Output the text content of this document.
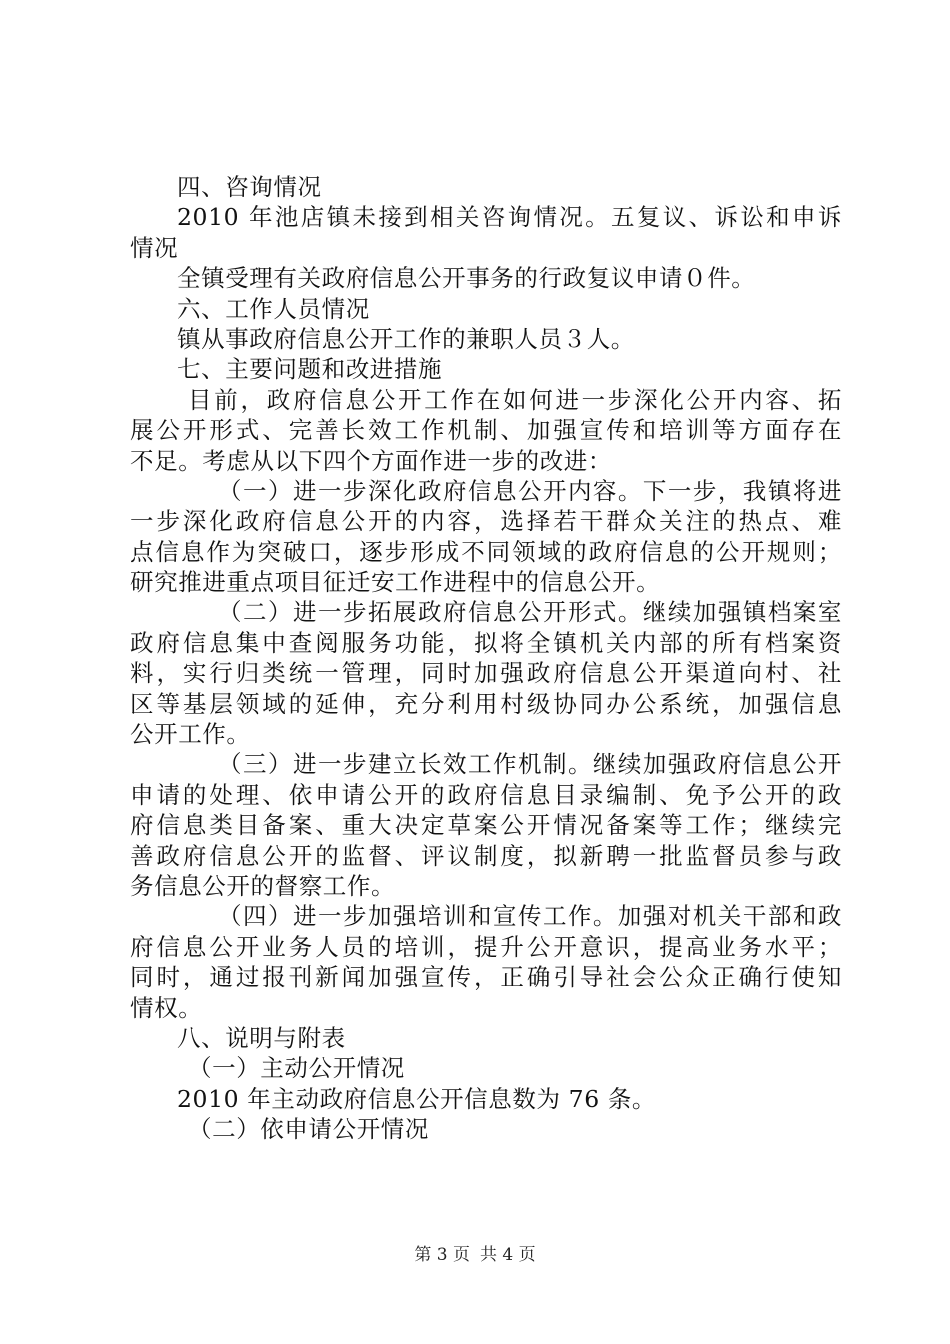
四、咨询情况
2010 年池店镇未接到相关咨询情况。五复议、诉讼和申诉
情况
全镇受理有关政府信息公开事务的行政复议申请０件。
六、工作人员情况
镇从事政府信息公开工作的兼职人员３人。
七、主要问题和改进措施
目前，政府信息公开工作在如何进一步深化公开内容、拓
展公开形式、完善长效工作机制、加强宣传和培训等方面存在
不足。考虑从以下四个方面作进一步的改进：
（一）进一步深化政府信息公开内容。下一步，我镇将进
一步深化政府信息公开的内容，选择若干群众关注的热点、难
点信息作为突破口，逐步形成不同领域的政府信息的公开规则；
研究推进重点项目征迁安工作进程中的信息公开。
（二）进一步拓展政府信息公开形式。继续加强镇档案室
政府信息集中查阅服务功能，拟将全镇机关内部的所有档案资
料，实行归类统一管理，同时加强政府信息公开渠道向村、社
区等基层领域的延伸，充分利用村级协同办公系统，加强信息
公开工作。
（三）进一步建立长效工作机制。继续加强政府信息公开
申请的处理、依申请公开的政府信息目录编制、免予公开的政
府信息类目备案、重大决定草案公开情况备案等工作；继续完
善政府信息公开的监督、评议制度，拟新聘一批监督员参与政
务信息公开的督察工作。
（四）进一步加强培训和宣传工作。加强对机关干部和政
府信息公开业务人员的培训，提升公开意识，提高业务水平；
同时，通过报刊新闻加强宣传，正确引导社会公众正确行使知
情权。
八、说明与附表
（一）主动公开情况
2010 年主动政府信息公开信息数为 76 条。
（二）依申请公开情况
第 3 页 共 4 页
